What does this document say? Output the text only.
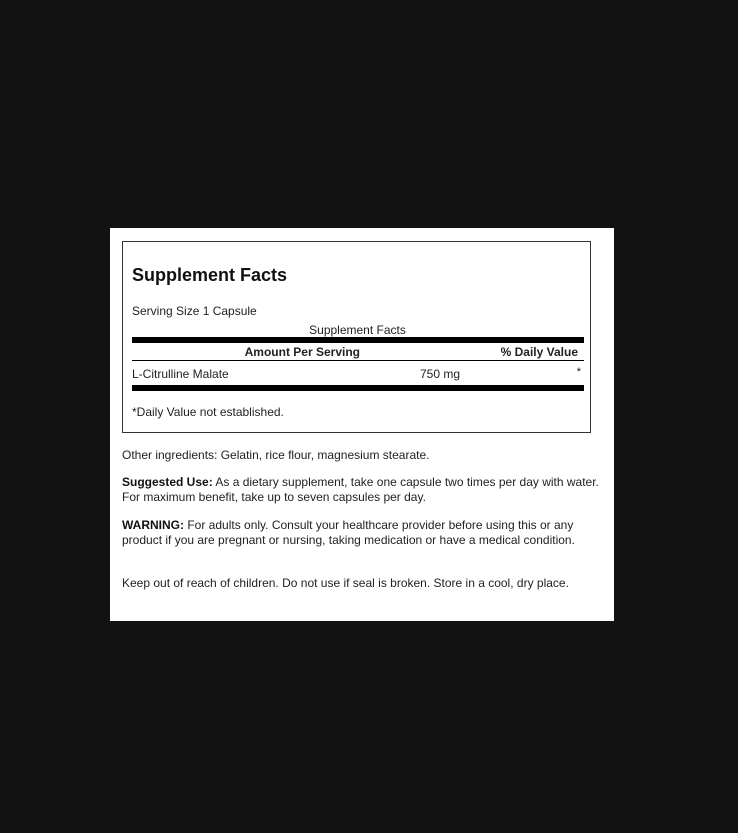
Supplement Facts
Serving Size 1 Capsule
Supplement Facts
Amount Per Serving	% Daily Value
L-Citrulline Malate	750 mg	*
*Daily Value not established.
Other ingredients: Gelatin, rice flour, magnesium stearate.
Suggested Use: As a dietary supplement, take one capsule two times per day with water. For maximum benefit, take up to seven capsules per day.
WARNING: For adults only. Consult your healthcare provider before using this or any product if you are pregnant or nursing, taking medication or have a medical condition.
Keep out of reach of children. Do not use if seal is broken. Store in a cool, dry place.
